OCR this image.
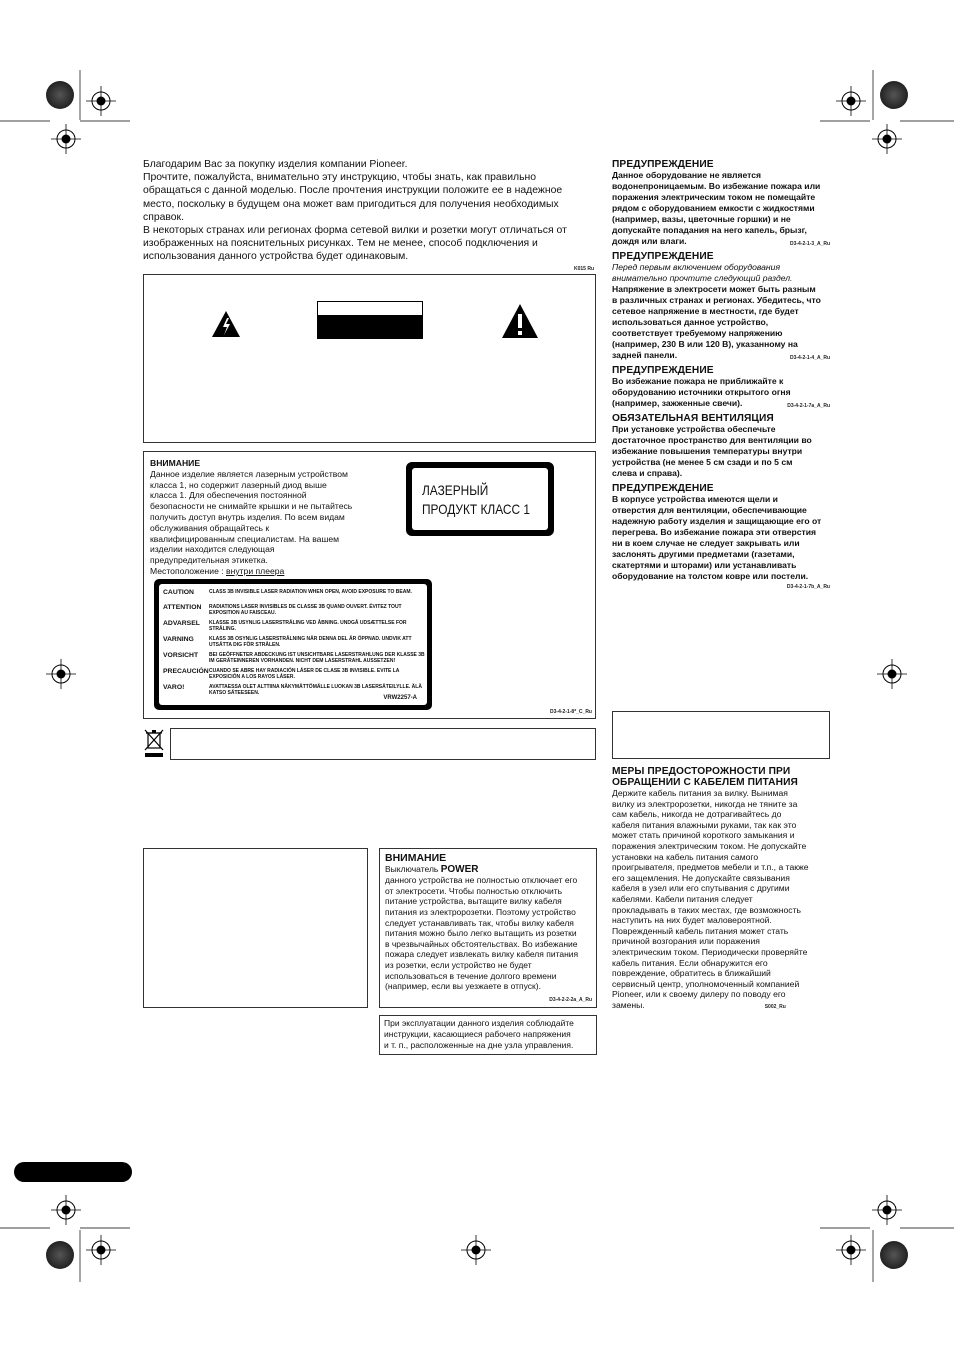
Благодарим Вас за покупку изделия компании Pioneer.

Прочтите, пожалуйста, внимательно эту инструкцию, чтобы знать, как правильно

обращаться с данной моделью. После прочтения инструкции положите ее в надежное

место, поскольку в будущем она может вам пригодиться для получения необходимых

справок.

В некоторых странах или регионах форма сетевой вилки и розетки могут отличаться от

изображенных на пояснительных рисунках. Тем не менее, способ подключения и

использования данного устройства будет одинаковым.

K015 Ru
ВНИМАНИЕ
Данное изделие является лазерным устройством
класса 1, но содержит лазерный диод выше
класса 1. Для обеспечения постоянной
безопасности не снимайте крышки и не пытайтесь
получить доступ внутрь изделия. По всем видам
обслуживания обращайтесь к
квалифицированным специалистам. На вашем
изделии находится следующая
предупредительная этикетка.
Местоположение : внутри плеера
ЛАЗЕРНЫЙ
ПРОДУКТ КЛАСС 1
CAUTION	CLASS 3B INVISIBLE LASER RADIATION WHEN OPEN, AVOID EXPOSURE TO BEAM.
ATTENTION	RADIATIONS LASER INVISIBLES DE CLASSE 3B QUAND OUVERT. ÉVITEZ TOUT EXPOSITION AU FAISCEAU.
ADVARSEL	KLASSE 3B USYNLIG LASERSTRÅLING VED ÅBNING. UNDGÅ UDSÆTTELSE FOR STRÅLING.
VARNING	KLASS 3B OSYNLIG LASERSTRÅLNING NÄR DENNA DEL ÄR ÖPPNAD. UNDVIK ATT UTSÄTTA DIG FÖR STRÅLEN.
VORSICHT	BEI GEÖFFNETER ABDECKUNG IST UNSICHTBARE LASERSTRAHLUNG DER KLASSE 3B IM GERÄTEINNEREN VORHANDEN. NICHT DEM LASERSTRAHL AUSSETZEN!
PRECAUCIÓN CUANDO SE ABRE HAY RADIACIÓN LÁSER DE CLASE 3B INVISIBLE. EVITE LA EXPOSICIÓN A LOS RAYOS LÁSER.
VARO!	AVATTAESSA OLET ALTTIINA NÄKYMÄTTÖMÄLLE LUOKAN 3B LASERSÄTEILYLLE. ÄLÄ KATSO SÄTEESEEN.
VRW2257-A
D3-4-2-1-8*_C_Ru
ВНИМАНИЕ
Выключатель POWER
данного устройства не полностью отключает его
от электросети. Чтобы полностью отключить
питание устройства, вытащите вилку кабеля
питания из электророзетки. Поэтому устройство
следует устанавливать так, чтобы вилку кабеля
питания можно было легко вытащить из розетки
в чрезвычайных обстоятельствах. Во избежание
пожара следует извлекать вилку кабеля питания
из розетки, если устройство не будет
использоваться в течение долгого времени
(например, если вы уезжаете в отпуск).
D3-4-2-2-2a_A_Ru
При эксплуатации данного изделия соблюдайте
инструкции, касающиеся рабочего напряжения
и т. п., расположенные на дне узла управления.
ПРЕДУПРЕЖДЕНИЕ

Данное оборудование не является

водонепроницаемым. Во избежание пожара или

поражения электрическим током не помещайте

рядом с оборудованием емкости с жидкостями

(например, вазы, цветочные горшки) и не

допускайте попадания на него капель, брызг,

дождя или влаги.	D3-4-2-1-3_A_Ru

ПРЕДУПРЕЖДЕНИЕ

Перед первым включением оборудования

внимательно прочтите следующий раздел.

Напряжение в электросети может быть разным

в различных странах и регионах. Убедитесь, что

сетевое напряжение в местности, где будет

использоваться данное устройство,

соответствует требуемому напряжению

(например, 230 В или 120 В), указанному на

задней панели.	D3-4-2-1-4_A_Ru

ПРЕДУПРЕЖДЕНИЕ

Во избежание пожара не приближайте к

оборудованию источники открытого огня

(например, зажженные свечи).	D3-4-2-1-7a_A_Ru

ОБЯЗАТЕЛЬНАЯ ВЕНТИЛЯЦИЯ

При установке устройства обеспечьте

достаточное пространство для вентиляции во

избежание повышения температуры внутри

устройства (не менее 5 см сзади и по 5 см

слева и справа).

ПРЕДУПРЕЖДЕНИЕ

В корпусе устройства имеются щели и

отверстия для вентиляции, обеспечивающие

надежную работу изделия и защищающие его от

перегрева. Во избежание пожара эти отверстия

ни в коем случае не следует закрывать или

заслонять другими предметами (газетами,

скатертями и шторами) или устанавливать

оборудование на толстом ковре или постели.

D3-4-2-1-7b_A_Ru
МЕРЫ ПРЕДОСТОРОЖНОСТИ ПРИ
ОБРАЩЕНИИ С КАБЕЛЕМ ПИТАНИЯ
Держите кабель питания за вилку. Вынимая
вилку из электророзетки, никогда не тяните за
сам кабель, никогда не дотрагивайтесь до
кабеля питания влажными руками, так как это
может стать причиной короткого замыкания и
поражения электрическим током. Не допускайте
установки на кабель питания самого
проигрывателя, предметов мебели и т.п., а также
его защемления. Не допускайте связывания
кабеля в узел или его спутывания с другими
кабелями. Кабели питания следует
прокладывать в таких местах, где возможность
наступить на них будет маловероятной.
Поврежденный кабель питания может стать
причиной возгорания или поражения
электрическим током. Периодически проверяйте
кабель питания. Если обнаружится его
повреждение, обратитесь в ближайший
сервисный центр, уполномоченный компанией
Pioneer, или к своему дилеру по поводу его
замены.	S002_Ru
